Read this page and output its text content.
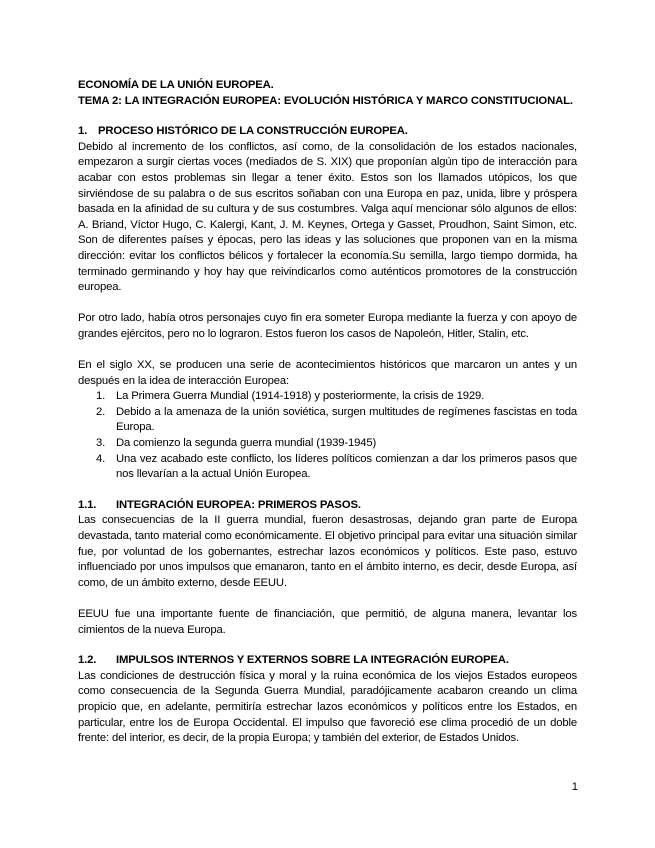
ECONOMÍA DE LA UNIÓN EUROPEA.

TEMA 2: LA INTEGRACIÓN EUROPEA: EVOLUCIÓN HISTÓRICA Y MARCO CONSTITUCIONAL.

1. PROCESO HISTÓRICO DE LA CONSTRUCCIÓN EUROPEA.

Debido al incremento de los conflictos, así como, de la consolidación de los estados nacionales, empezaron a surgir ciertas voces (mediados de S. XIX) que proponían algún tipo de interacción para acabar con estos problemas sin llegar a tener éxito. Estos son los llamados utópicos, los que sirviéndose de su palabra o de sus escritos soñaban con una Europa en paz, unida, libre y próspera basada en la afinidad de su cultura y de sus costumbres. Valga aquí mencionar sólo algunos de ellos: A. Briand, Víctor Hugo, C. Kalergi, Kant, J. M. Keynes, Ortega y Gasset, Proudhon, Saint Simon, etc. Son de diferentes países y épocas, pero las ideas y las soluciones que proponen van en la misma dirección: evitar los conflictos bélicos y fortalecer la economía.Su semilla, largo tiempo dormida, ha terminado germinando y hoy hay que reivindicarlos como auténticos promotores de la construcción europea.

Por otro lado, había otros personajes cuyo fin era someter Europa mediante la fuerza y con apoyo de grandes ejércitos, pero no lo lograron. Estos fueron los casos de Napoleón, Hitler, Stalin, etc.

En el siglo XX, se producen una serie de acontecimientos históricos que marcaron un antes y un después en la idea de interacción Europea:

1. La Primera Guerra Mundial (1914-1918) y posteriormente, la crisis de 1929.
2. Debido a la amenaza de la unión soviética, surgen multitudes de regímenes fascistas en toda Europa.
3. Da comienzo la segunda guerra mundial (1939-1945)
4. Una vez acabado este conflicto, los líderes políticos comienzan a dar los primeros pasos que nos llevarían a la actual Unión Europea.
1.1.	INTEGRACIÓN EUROPEA: PRIMEROS PASOS.

Las consecuencias de la II guerra mundial, fueron desastrosas, dejando gran parte de Europa devastada, tanto material como económicamente. El objetivo principal para evitar una situación similar fue, por voluntad de los gobernantes, estrechar lazos económicos y políticos. Este paso, estuvo influenciado por unos impulsos que emanaron, tanto en el ámbito interno, es decir, desde Europa, así como, de un ámbito externo, desde EEUU.

EEUU fue una importante fuente de financiación, que permitió, de alguna manera, levantar los cimientos de la nueva Europa.

1.2.	IMPULSOS INTERNOS Y EXTERNOS SOBRE LA INTEGRACIÓN EUROPEA.

Las condiciones de destrucción física y moral y la ruina económica de los viejos Estados europeos como consecuencia de la Segunda Guerra Mundial, paradójicamente acabaron creando un clima propicio que, en adelante, permitiría estrechar lazos económicos y políticos entre los Estados, en particular, entre los de Europa Occidental. El impulso que favoreció ese clima procedió de un doble frente: del interior, es decir, de la propia Europa; y también del exterior, de Estados Unidos.

1
